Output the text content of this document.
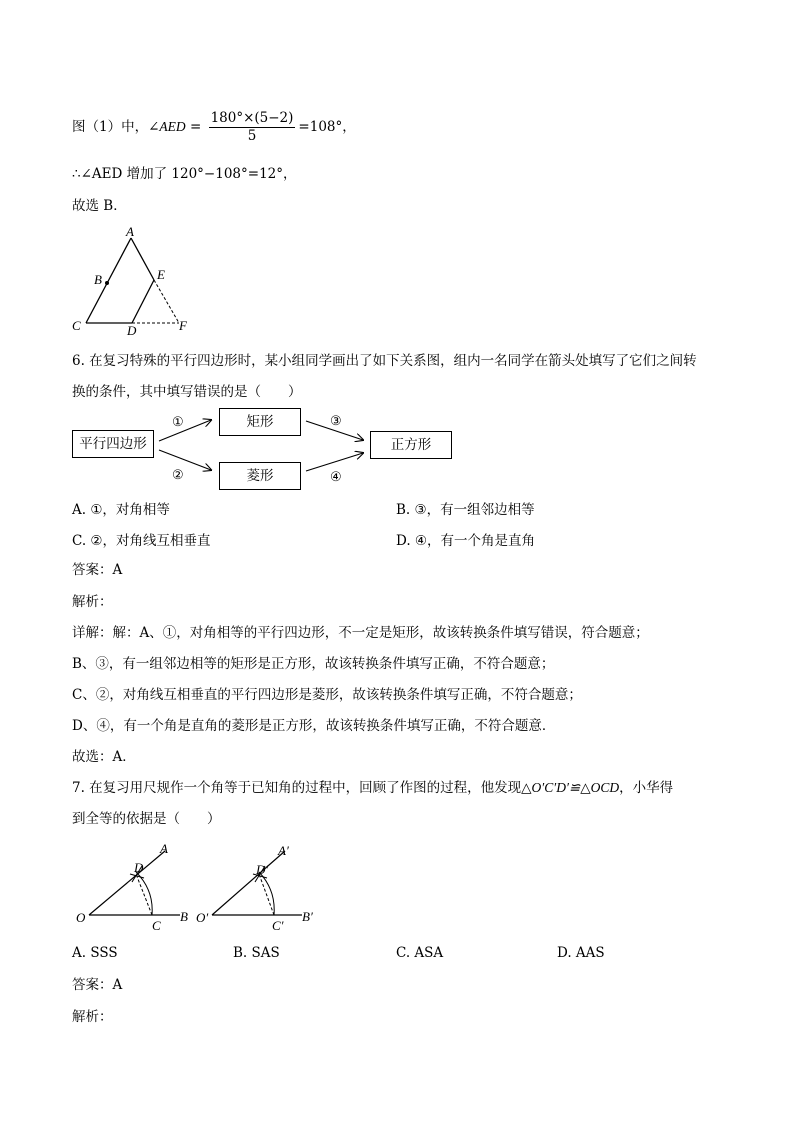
图（1）中，∠AED = $\frac{180^\circ\times(5-2)}{5} =108^\circ$，
∴∠AED 增加了 120°−108°=12°，
故选 B．
A
B	E
C	D	F
6. 在复习特殊的平行四边形时，某小组同学画出了如下关系图，组内一名同学在箭头处填写了它们之间转
换的条件，其中填写错误的是（　　）
平行四边形
矩形
菱形
正方形
①
②
③
④
A. ①，对角相等	B. ③，有一组邻边相等
C. ②，对角线互相垂直	D. ④，有一个角是直角
答案：A
解析：
详解：解：A、①，对角相等的平行四边形，不一定是矩形，故该转换条件填写错误，符合题意；
B、③，有一组邻边相等的矩形是正方形，故该转换条件填写正确，不符合题意；
C、②，对角线互相垂直的平行四边形是菱形，故该转换条件填写正确，不符合题意；
D、④，有一个角是直角的菱形是正方形，故该转换条件填写正确，不符合题意．
故选：A．
7. 在复习用尺规作一个角等于已知角的过程中，回顾了作图的过程，他发现△O′C′D′≌△OCD，小华得
到全等的依据是（　　）
A
D
O
C
B
A′
D′
O′
C′
B′
A. SSS	B. SAS	C. ASA	D. AAS
答案：A
解析：
